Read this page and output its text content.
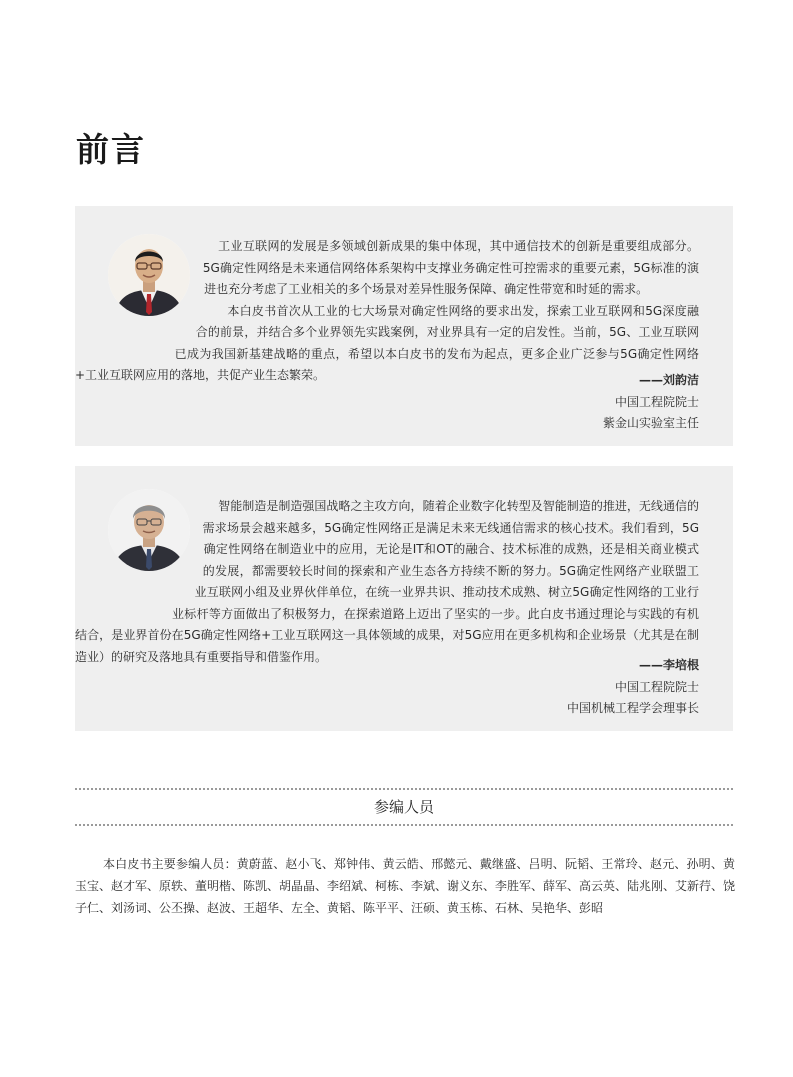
前言

工业互联网的发展是多领域创新成果的集中体现，其中通信技术的创新是重要组成部分。5G确定性网络是未来通信网络体系架构中支撑业务确定性可控需求的重要元素，5G标准的演进也充分考虑了工业相关的多个场景对差异性服务保障、确定性带宽和时延的需求。

本白皮书首次从工业的七大场景对确定性网络的要求出发，探索工业互联网和5G深度融合的前景，并结合多个业界领先实践案例，对业界具有一定的启发性。当前，5G、工业互联网已成为我国新基建战略的重点，希望以本白皮书的发布为起点，更多企业广泛参与5G确定性网络+工业互联网应用的落地，共促产业生态繁荣。	——刘韵洁
中国工程院院士
紫金山实验室主任

智能制造是制造强国战略之主攻方向，随着企业数字化转型及智能制造的推进，无线通信的需求场景会越来越多，5G确定性网络正是满足未来无线通信需求的核心技术。我们看到，5G确定性网络在制造业中的应用，无论是IT和OT的融合、技术标准的成熟，还是相关商业模式的发展，都需要较长时间的探索和产业生态各方持续不断的努力。5G确定性网络产业联盟工业互联网小组及业界伙伴单位，在统一业界共识、推动技术成熟、树立5G确定性网络的工业行业标杆等方面做出了积极努力，在探索道路上迈出了坚实的一步。此白皮书通过理论与实践的有机结合，是业界首份在5G确定性网络+工业互联网这一具体领域的成果，对5G应用在更多机构和企业场景（尤其是在制造业）的研究及落地具有重要指导和借鉴作用。

——李培根
中国工程院院士
中国机械工程学会理事长
参编人员
本白皮书主要参编人员：黄蔚蓝、赵小飞、郑钟伟、黄云皓、邢懿元、戴继盛、吕明、阮韬、王常玲、赵元、孙明、黄玉宝、赵才军、原轶、董明楷、陈凯、胡晶晶、李绍斌、柯栋、李斌、谢义东、李胜军、薛军、高云英、陆兆刚、艾新荇、饶子仁、刘汤词、公丕操、赵波、王超华、左全、黄韬、陈平平、汪硕、黄玉栋、石林、吴艳华、彭昭
